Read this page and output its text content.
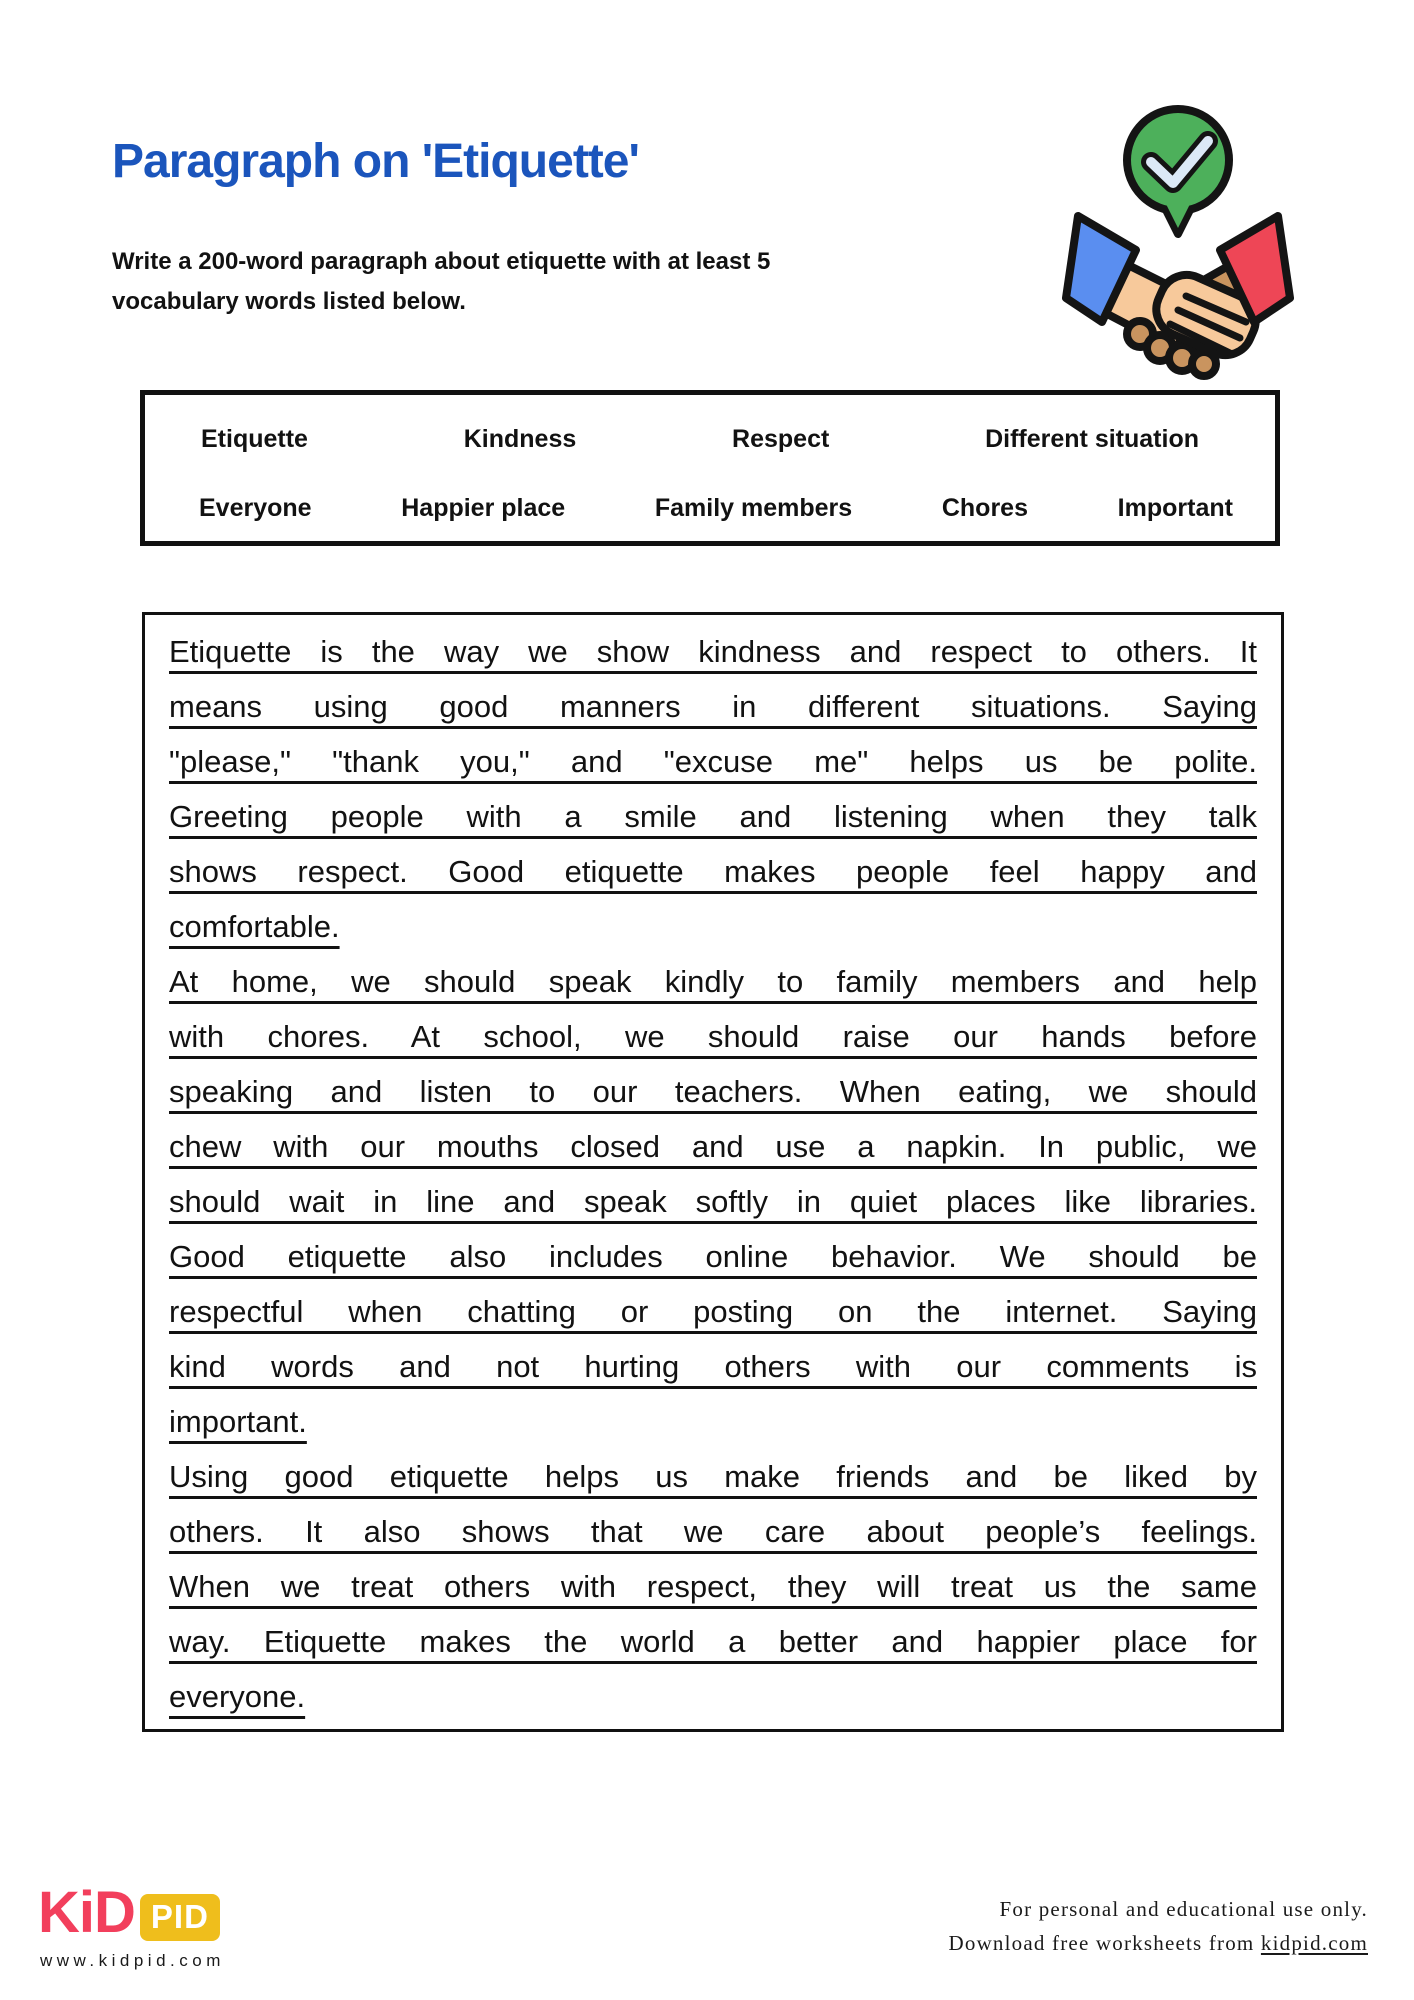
Paragraph on 'Etiquette'

Write a 200-word paragraph about etiquette with at least 5
vocabulary words listed below.

Etiquette	Kindness	Respect	Different situation
Everyone	Happier place	Family members	Chores	Important
Etiquette is the way we show kindness and respect to others. It
means using good manners in different situations. Saying
"please," "thank you," and "excuse me" helps us be polite.
Greeting people with a smile and listening when they talk
shows respect. Good etiquette makes people feel happy and
comfortable.
At home, we should speak kindly to family members and help
with chores. At school, we should raise our hands before
speaking and listen to our teachers. When eating, we should
chew with our mouths closed and use a napkin. In public, we
should wait in line and speak softly in quiet places like libraries.
Good etiquette also includes online behavior. We should be
respectful when chatting or posting on the internet. Saying
kind words and not hurting others with our comments is
important.
Using good etiquette helps us make friends and be liked by
others. It also shows that we care about people’s feelings.
When we treat others with respect, they will treat us the same
way. Etiquette makes the world a better and happier place for
everyone.
KiD PID
www.kidpid.com
For personal and educational use only.
Download free worksheets from kidpid.com
